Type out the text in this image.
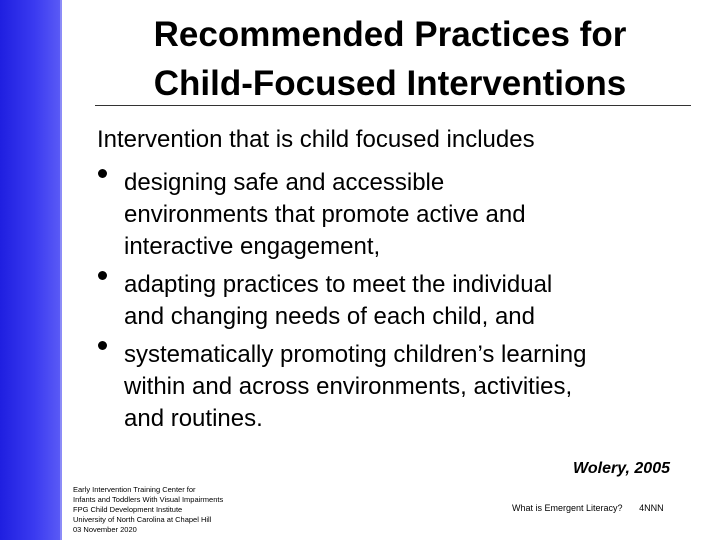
Recommended Practices for
Child-Focused Interventions
Intervention that is child focused includes
designing safe and accessible
environments that promote active and
interactive engagement,
adapting practices to meet the individual
and changing needs of each child, and
systematically promoting children’s learning
within and across environments, activities,
and routines.
Wolery, 2005
Early Intervention Training Center for
Infants and Toddlers With Visual Impairments
FPG Child Development Institute
University of North Carolina at Chapel Hill
03 November 2020
What is Emergent Literacy? 4NNN
